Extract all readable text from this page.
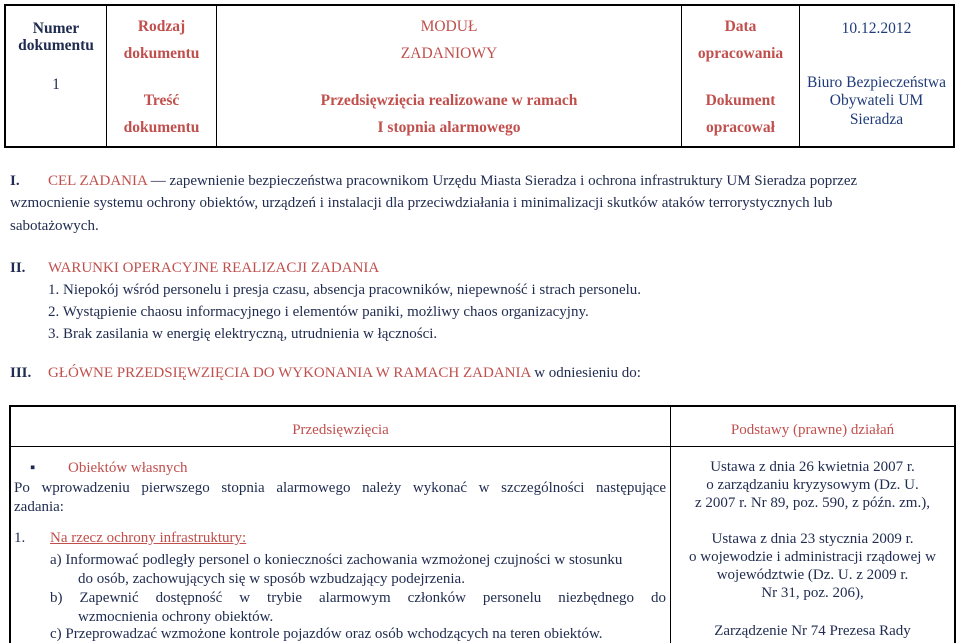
Numer
dokumentu
1
Rodzaj
dokumentu
MODUŁ
ZADANIOWY
Data
opracowania
10.12.2012
Treść
dokumentu
Przedsięwzięcia realizowane w ramach
I stopnia alarmowego
Dokument
opracował
Biuro Bezpieczeństwa
Obywateli UM
Sieradza
I. CEL ZADANIA — zapewnienie bezpieczeństwa pracownikom Urzędu Miasta Sieradza i ochrona infrastruktury UM Sieradza poprzez
wzmocnienie systemu ochrony obiektów, urządzeń i instalacji dla przeciwdziałania i minimalizacji skutków ataków terrorystycznych lub
sabotażowych.
II. WARUNKI OPERACYJNE REALIZACJI ZADANIA
1. Niepokój wśród personelu i presja czasu, absencja pracowników, niepewność i strach personelu.
2. Wystąpienie chaosu informacyjnego i elementów paniki, możliwy chaos organizacyjny.
3. Brak zasilania w energię elektryczną, utrudnienia w łączności.
III. GŁÓWNE PRZEDSIĘWZIĘCIA DO WYKONANIA W RAMACH ZADANIA w odniesieniu do:
Przedsięwzięcia	Podstawy (prawne) działań
▪ Obiektów własnych
Po wprowadzeniu pierwszego stopnia alarmowego należy wykonać w szczególności następujące
zadania:
1. Na rzecz ochrony infrastruktury:
a) Informować podległy personel o konieczności zachowania wzmożonej czujności w stosunku
do osób, zachowujących się w sposób wzbudzający podejrzenia.
b) Zapewnić dostępność w trybie alarmowym członków personelu niezbędnego do
wzmocnienia ochrony obiektów.
c) Przeprowadzać wzmożone kontrole pojazdów oraz osób wchodzących na teren obiektów.
Ustawa z dnia 26 kwietnia 2007 r.
o zarządzaniu kryzysowym (Dz. U.
z 2007 r. Nr 89, poz. 590, z późn. zm.),
Ustawa z dnia 23 stycznia 2009 r.
o wojewodzie i administracji rządowej w
województwie (Dz. U. z 2009 r.
Nr 31, poz. 206),
Zarządzenie Nr 74 Prezesa Rady
